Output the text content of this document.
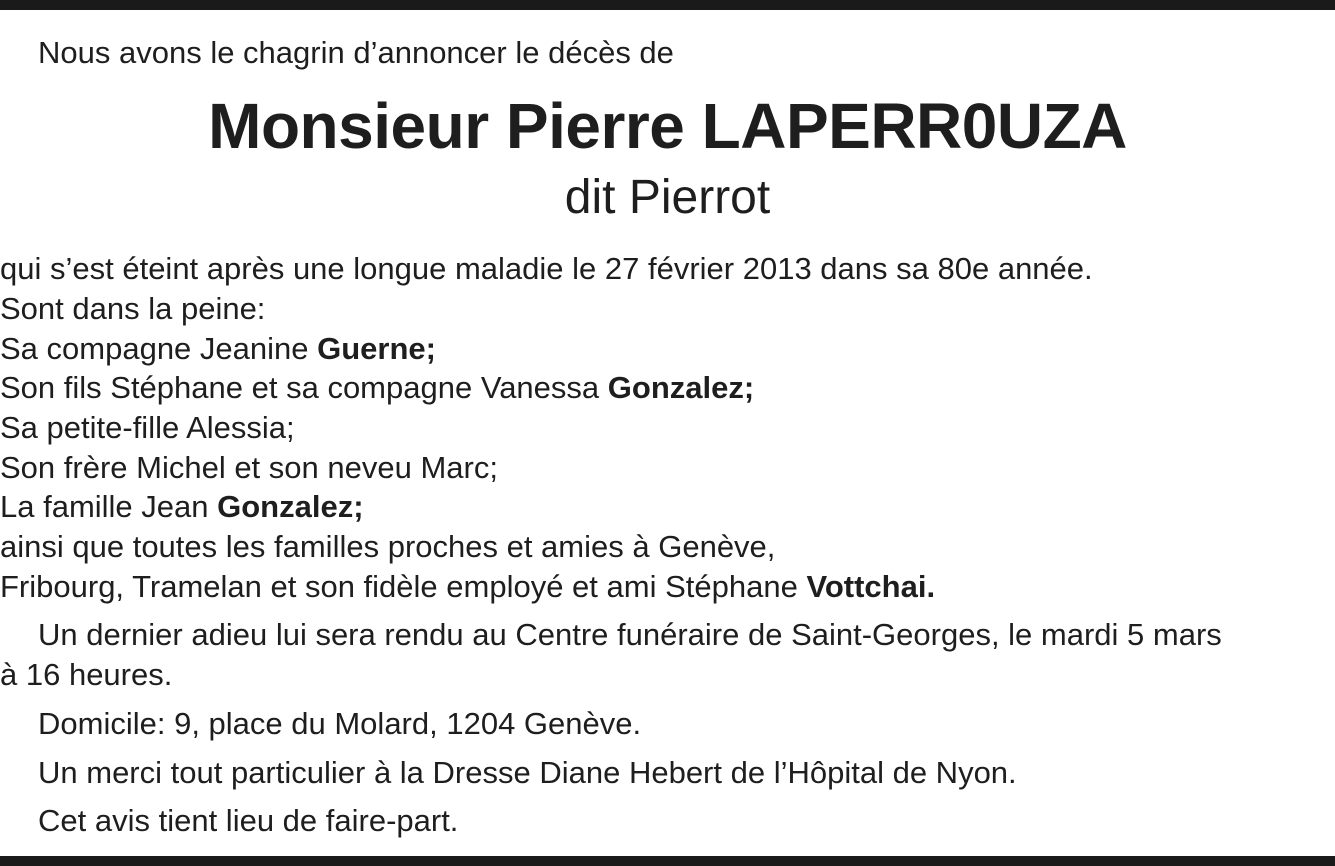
Nous avons le chagrin d’annoncer le décès de
Monsieur Pierre LAPERR0UZA
dit Pierrot
qui s’est éteint après une longue maladie le 27 février 2013 dans sa 80e année.
Sont dans la peine:
Sa compagne Jeanine Guerne;
Son fils Stéphane et sa compagne Vanessa Gonzalez;
Sa petite-fille Alessia;
Son frère Michel et son neveu Marc;
La famille Jean Gonzalez;
ainsi que toutes les familles proches et amies à Genève,
Fribourg, Tramelan et son fidèle employé et ami Stéphane Vottchai.
Un dernier adieu lui sera rendu au Centre funéraire de Saint-Georges, le mardi 5 mars
à 16 heures.
Domicile: 9, place du Molard, 1204 Genève.
Un merci tout particulier à la Dresse Diane Hebert de l’Hôpital de Nyon.
Cet avis tient lieu de faire-part.
